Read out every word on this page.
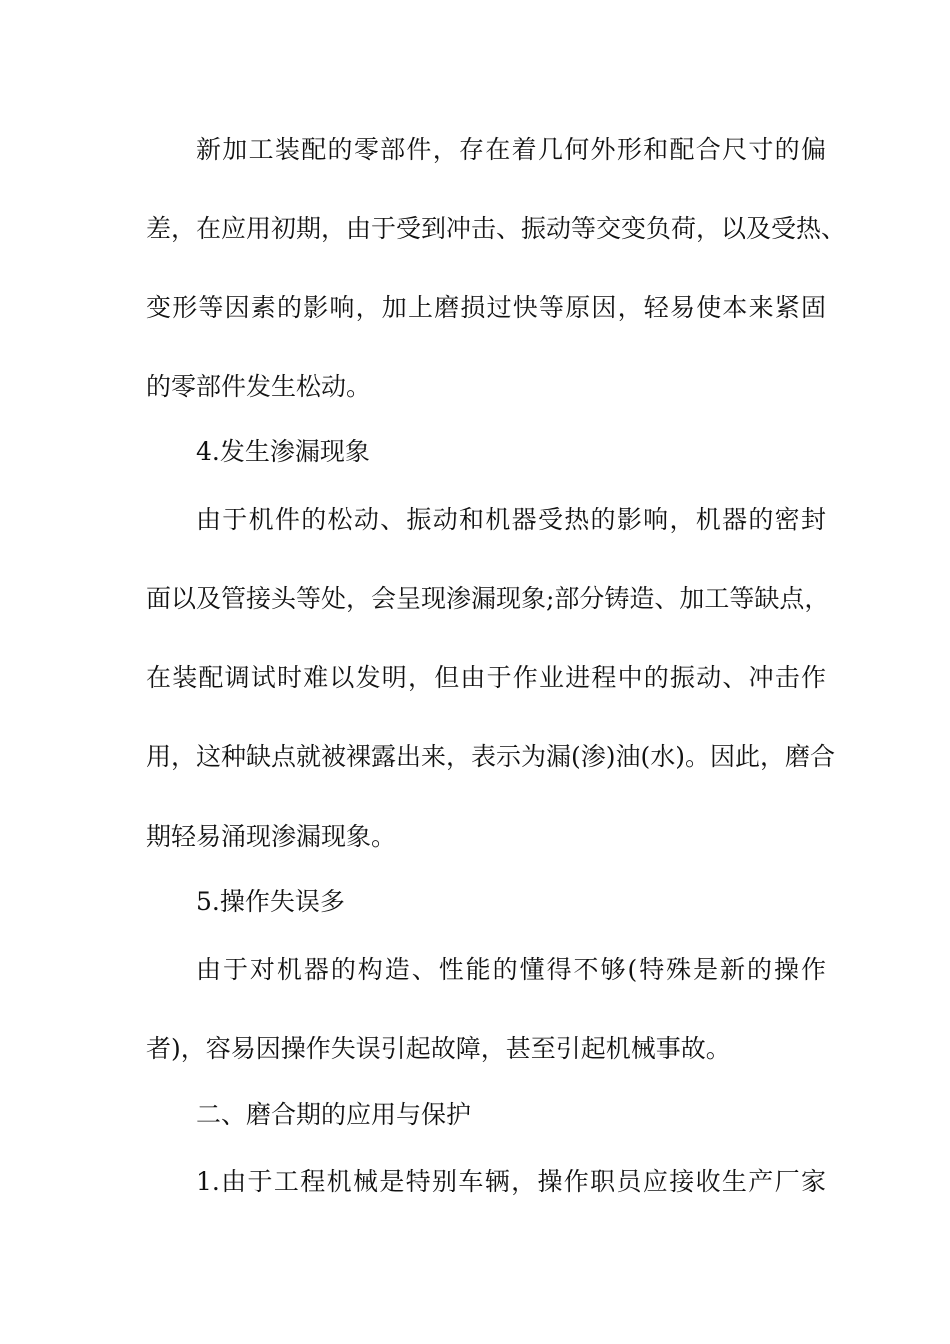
新加工装配的零部件，存在着几何外形和配合尺寸的偏
差，在应用初期，由于受到冲击、振动等交变负荷，以及受热、
变形等因素的影响，加上磨损过快等原因，轻易使本来紧固
的零部件发生松动。
4.发生渗漏现象
由于机件的松动、振动和机器受热的影响，机器的密封
面以及管接头等处，会呈现渗漏现象;部分铸造、加工等缺点，
在装配调试时难以发明，但由于作业进程中的振动、冲击作
用，这种缺点就被裸露出来，表示为漏(渗)油(水)。因此，磨合
期轻易涌现渗漏现象。
5.操作失误多
由于对机器的构造、性能的懂得不够(特殊是新的操作
者)，容易因操作失误引起故障，甚至引起机械事故。
二、磨合期的应用与保护
1.由于工程机械是特别车辆，操作职员应接收生产厂家
